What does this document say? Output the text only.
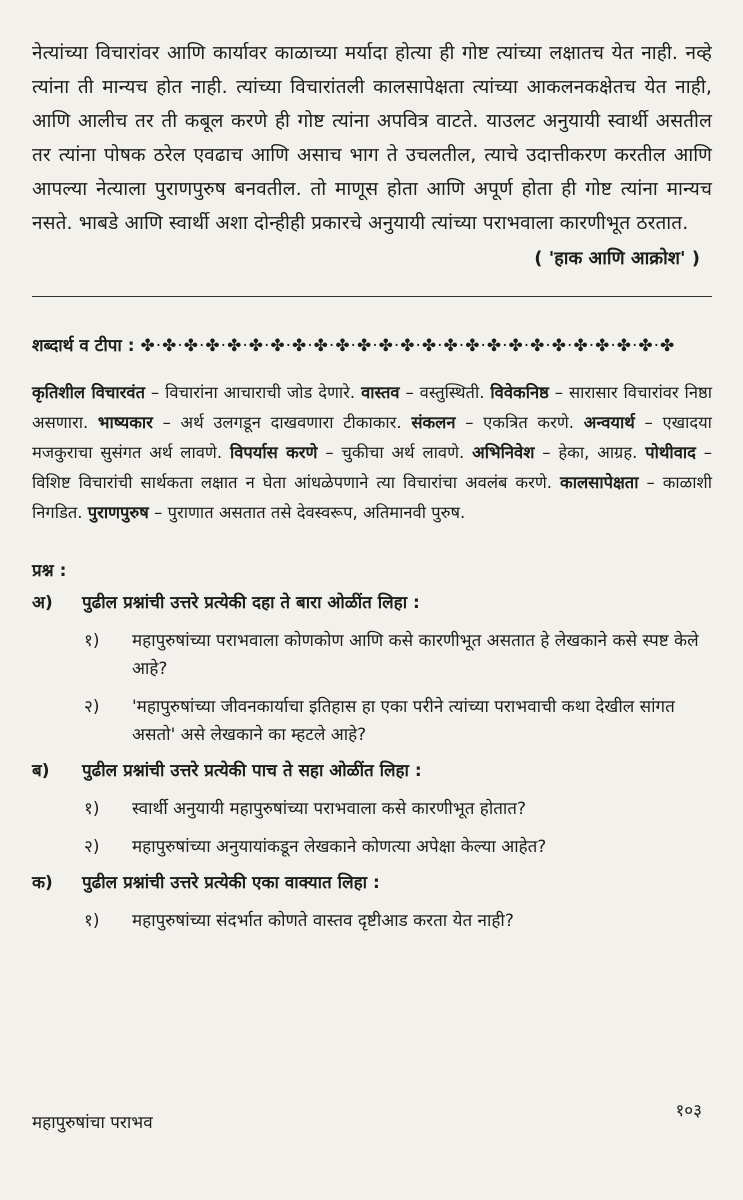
नेत्यांच्या विचारांवर आणि कार्यावर काळाच्या मर्यादा होत्या ही गोष्ट त्यांच्या लक्षातच येत नाही. नव्हे त्यांना ती मान्यच होत नाही. त्यांच्या विचारांतली कालसापेक्षता त्यांच्या आकलनकक्षेतच येत नाही, आणि आलीच तर ती कबूल करणे ही गोष्ट त्यांना अपवित्र वाटते. याउलट अनुयायी स्वार्थी असतील तर त्यांना पोषक ठरेल एवढाच आणि असाच भाग ते उचलतील, त्याचे उदात्तीकरण करतील आणि आपल्या नेत्याला पुराणपुरुष बनवतील. तो माणूस होता आणि अपूर्ण होता ही गोष्ट त्यांना मान्यच नसते. भाबडे आणि स्वार्थी अशा दोन्हीही प्रकारचे अनुयायी त्यांच्या पराभवाला कारणीभूत ठरतात.

( 'हाक आणि आक्रोश' )
शब्दार्थ व टीपा : ✤·✤·✤·✤·✤·✤·✤·✤·✤·✤·✤·✤·✤·✤·✤·✤·✤·✤·✤·✤·✤·✤·✤·✤·✤
कृतिशील विचारवंत – विचारांना आचाराची जोड देणारे. वास्तव – वस्तुस्थिती. विवेकनिष्ठ – सारासार विचारांवर निष्ठा असणारा. भाष्यकार – अर्थ उलगडून दाखवणारा टीकाकार. संकलन – एकत्रित करणे. अन्वयार्थ – एखादया मजकुराचा सुसंगत अर्थ लावणे. विपर्यास करणे – चुकीचा अर्थ लावणे. अभिनिवेश – हेका, आग्रह. पोथीवाद – विशिष्ट विचारांची सार्थकता लक्षात न घेता आंधळेपणाने त्या विचारांचा अवलंब करणे. कालसापेक्षता – काळाशी निगडित. पुराणपुरुष – पुराणात असतात तसे देवस्वरूप, अतिमानवी पुरुष.
प्रश्न :
अ)	पुढील प्रश्नांची उत्तरे प्रत्येकी दहा ते बारा ओळींत लिहा :
१)	महापुरुषांच्या पराभवाला कोणकोण आणि कसे कारणीभूत असतात हे लेखकाने कसे स्पष्ट केले आहे?
२)	'महापुरुषांच्या जीवनकार्याचा इतिहास हा एका परीने त्यांच्या पराभवाची कथा देखील सांगत असतो' असे लेखकाने का म्हटले आहे?
ब)	पुढील प्रश्नांची उत्तरे प्रत्येकी पाच ते सहा ओळींत लिहा :
१)	स्वार्थी अनुयायी महापुरुषांच्या पराभवाला कसे कारणीभूत होतात?
२)	महापुरुषांच्या अनुयायांकडून लेखकाने कोणत्या अपेक्षा केल्या आहेत?
क)	पुढील प्रश्नांची उत्तरे प्रत्येकी एका वाक्यात लिहा :
१)	महापुरुषांच्या संदर्भात कोणते वास्तव दृष्टीआड करता येत नाही?
महापुरुषांचा पराभव
१०३
